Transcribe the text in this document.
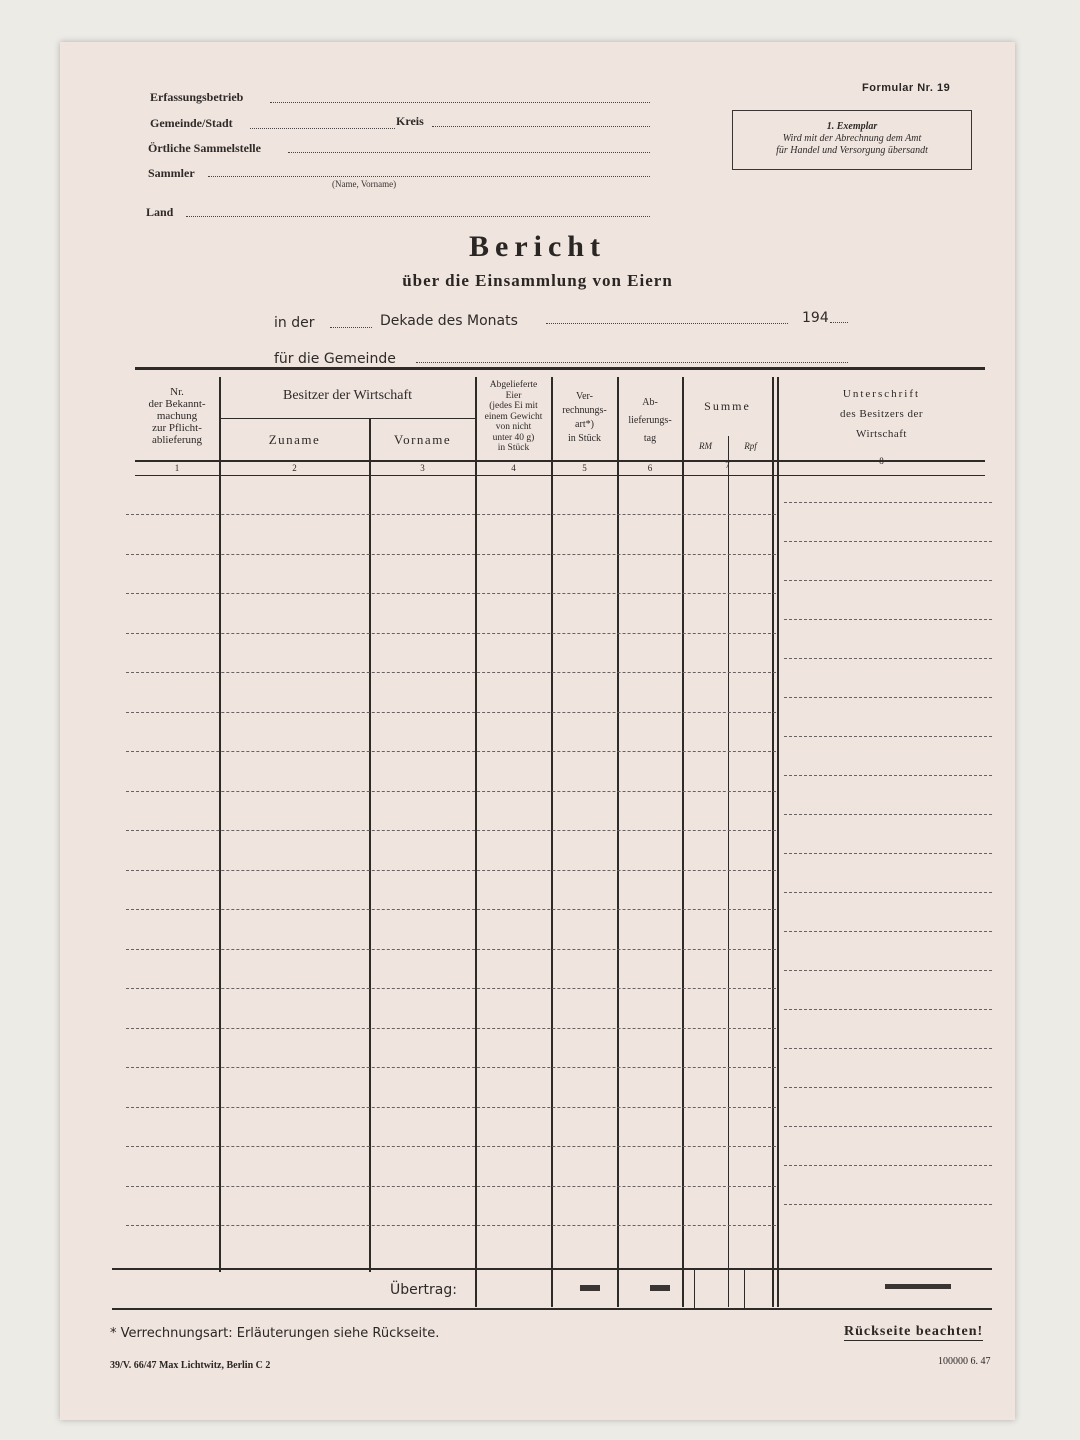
Erfassungsbetrieb
Gemeinde/Stadt	Kreis
Örtliche Sammelstelle
Sammler
(Name, Vorname)
Land
Formular Nr. 19
1. Exemplar
Wird mit der Abrechnung dem Amt
für Handel und Versorgung übersandt
Bericht
über die Einsammlung von Eiern
in der	Dekade des Monats	194
für die Gemeinde
Nr.
der Bekannt-
machung
zur Pflicht-
ablieferung
Besitzer der Wirtschaft
Zuname	Vorname
Abgelieferte
Eier
(jedes Ei mit
einem Gewicht
von nicht
unter 40 g)
in Stück
Ver-
rechnungs-
art*)
in Stück
Ab-
lieferungs-
tag
Summe
RM	Rpf
Unterschrift
des Besitzers der
Wirtschaft
1	2	3	4	5	6	7	8
Übertrag:
* Verrechnungsart: Erläuterungen siehe Rückseite.	Rückseite beachten!
39/V. 66/47 Max Lichtwitz, Berlin C 2	100000 6. 47
